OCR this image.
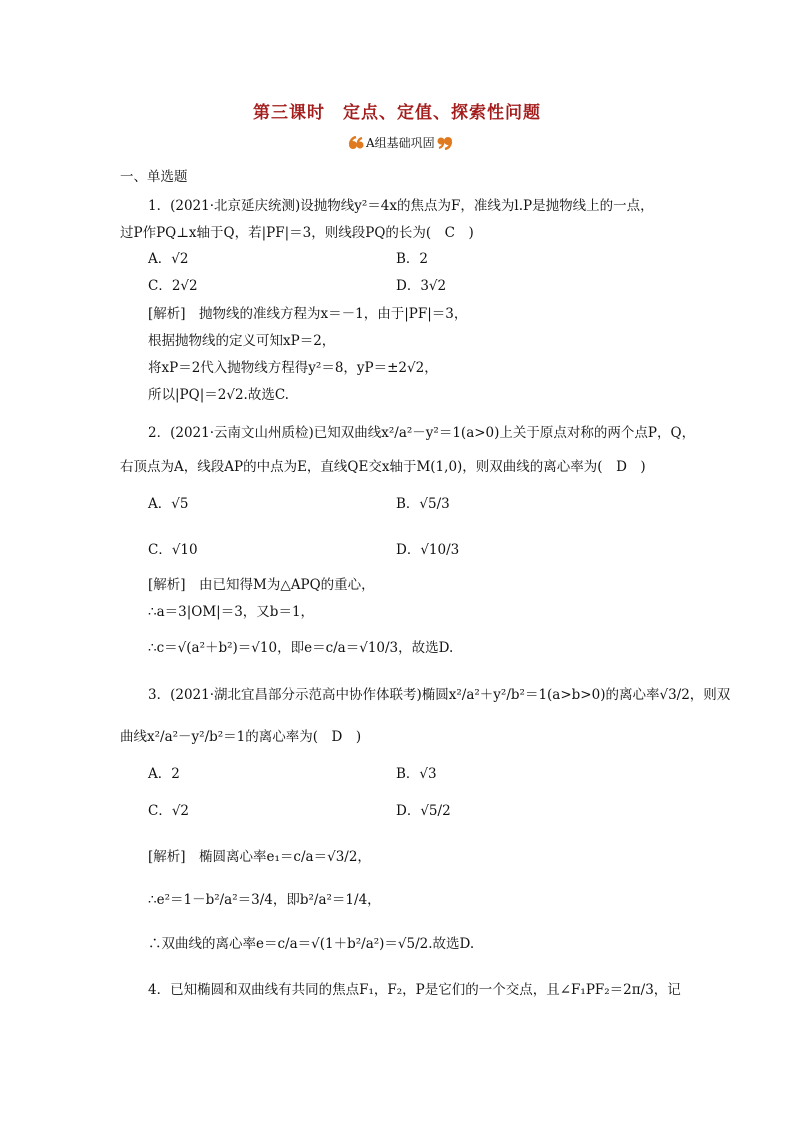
第三课时　定点、定值、探索性问题
A组基础巩固
一、单选题
1．(2021·北京延庆统测)设抛物线y²＝4x的焦点为F，准线为l.P是抛物线上的一点，
过P作PQ⊥x轴于Q，若|PF|＝3，则线段PQ的长为(　C　)
A．√2	B．2
C．2√2	D．3√2
[解析]　抛物线的准线方程为x＝－1，由于|PF|＝3，
根据抛物线的定义可知xP＝2，
将xP＝2代入抛物线方程得y²＝8，yP＝±2√2，
所以|PQ|＝2√2.故选C.
2．(2021·云南文山州质检)已知双曲线x²/a²－y²＝1(a>0)上关于原点对称的两个点P，Q，
右顶点为A，线段AP的中点为E，直线QE交x轴于M(1,0)，则双曲线的离心率为(　D　)
A．√5	B．√5/3
C．√10	D．√10/3
[解析]　由已知得M为△APQ的重心，
∴a＝3|OM|＝3，又b＝1，
∴c＝√(a²＋b²)＝√10，即e＝c/a＝√10/3，故选D.
3．(2021·湖北宜昌部分示范高中协作体联考)椭圆x²/a²＋y²/b²＝1(a>b>0)的离心率√3/2，则双
曲线x²/a²－y²/b²＝1的离心率为(　D　)
A．2	B．√3
C．√2	D．√5/2
[解析]　椭圆离心率e₁＝c/a＝√3/2，
∴e²＝1－b²/a²＝3/4，即b²/a²＝1/4，
∴双曲线的离心率e＝c/a＝√(1＋b²/a²)＝√5/2.故选D.
4．已知椭圆和双曲线有共同的焦点F₁，F₂，P是它们的一个交点，且∠F₁PF₂＝2π/3，记
